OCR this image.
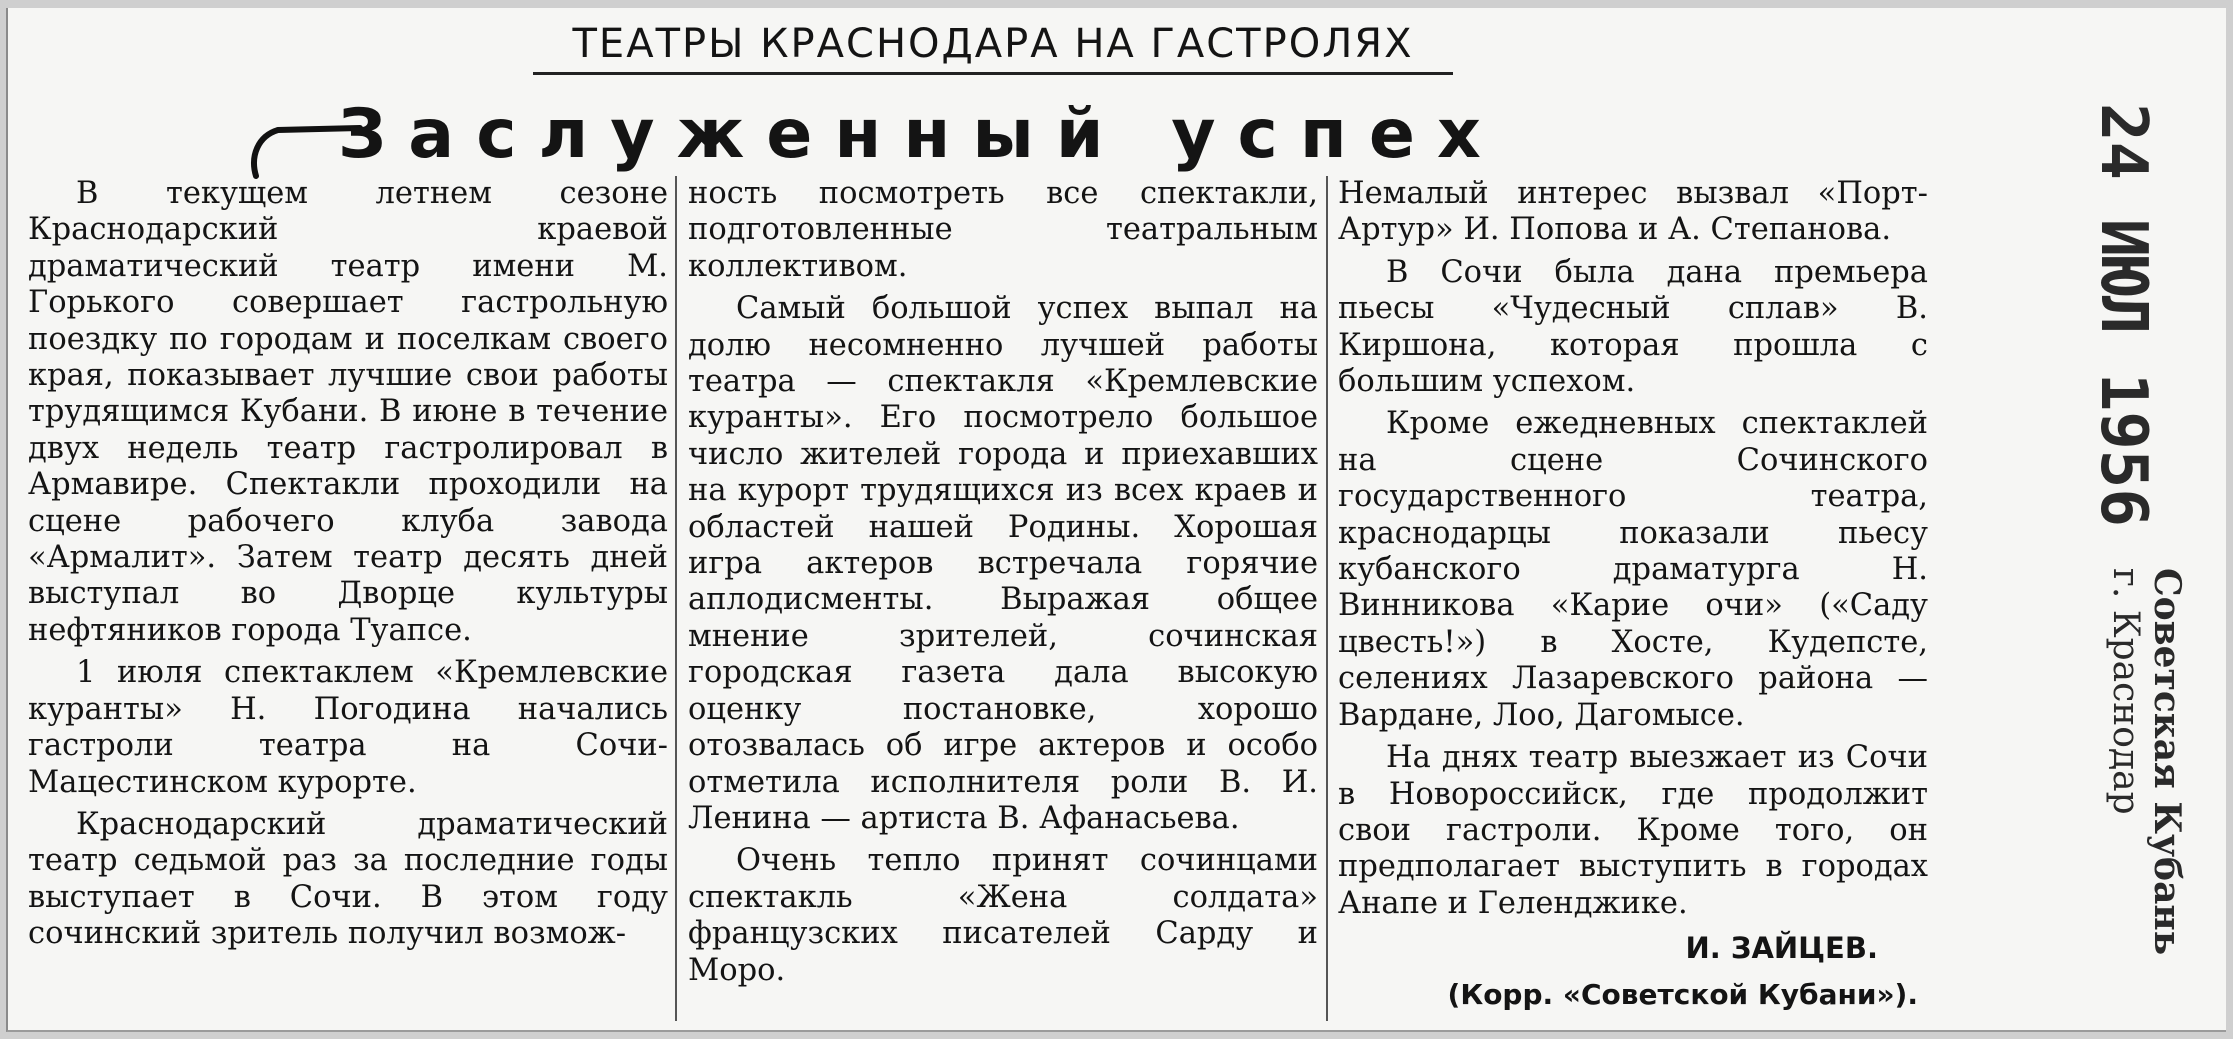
ТЕАТРЫ КРАСНОДАРА НА ГАСТРОЛЯХ
Заслуженный успех

В текущем летнем сезоне Краснодарский краевой драматический театр имени М. Горького совершает гастрольную поездку по городам и поселкам своего края, показывает лучшие свои работы трудящимся Кубани. В июне в течение двух недель театр гастролировал в Армавире. Спектакли проходили на сцене рабочего клуба завода «Армалит». Затем театр десять дней выступал во Дворце культуры нефтяников города Туапсе.

1 июля спектаклем «Кремлевские куранты» Н. Погодина начались гастроли театра на Сочи-Мацестинском курорте.

Краснодарский драматический театр седьмой раз за последние годы выступает в Сочи. В этом году сочинский зритель получил возмож-

ность посмотреть все спектакли, подготовленные театральным коллективом.

Самый большой успех выпал на долю несомненно лучшей работы театра — спектакля «Кремлевские куранты». Его посмотрело большое число жителей города и приехавших на курорт трудящихся из всех краев и областей нашей Родины. Хорошая игра актеров встречала горячие аплодисменты. Выражая общее мнение зрителей, сочинская городская газета дала высокую оценку постановке, хорошо отозвалась об игре актеров и особо отметила исполнителя роли В. И. Ленина — артиста В. Афанасьева.

Очень тепло принят сочинцами спектакль «Жена солдата» французских писателей Сарду и Моро.

Немалый интерес вызвал «Порт-Артур» И. Попова и А. Степанова.

В Сочи была дана премьера пьесы «Чудесный сплав» В. Киршона, которая прошла с большим успехом.

Кроме ежедневных спектаклей на сцене Сочинского государственного театра, краснодарцы показали пьесу кубанского драматурга Н. Винникова «Карие очи» («Саду цвесть!») в Хосте, Кудепсте, селениях Лазаревского района — Вардане, Лоо, Дагомысе.

На днях театр выезжает из Сочи в Новороссийск, где продолжит свои гастроли. Кроме того, он предполагает выступить в городах Анапе и Геленджике.

И. ЗАЙЦЕВ.
(Корр. «Советской Кубани»).
24 ИЮЛ 1956
Советская Кубань
г. Краснодар
